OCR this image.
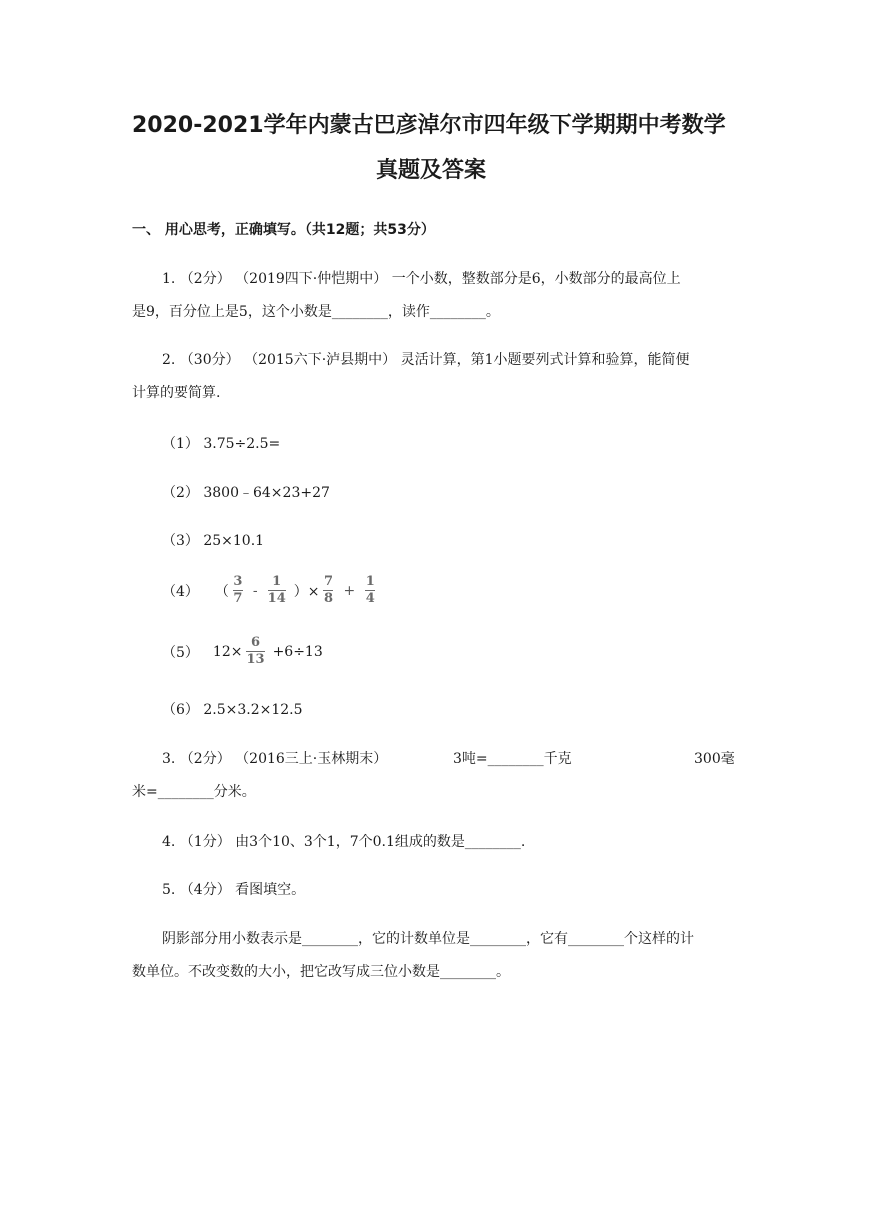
2020-2021学年内蒙古巴彦淖尔市四年级下学期期中考数学
真题及答案
一、 用心思考，正确填写。（共12题；共53分）
1. （2分） （2019四下·仲恺期中） 一个小数，整数部分是6，小数部分的最高位上
是9，百分位上是5，这个小数是________，读作________。
2. （30分） （2015六下·泸县期中） 灵活计算，第1小题要列式计算和验算，能简便
计算的要简算.
（1） 3.75÷2.5=
（2） 3800﹣64×23+27
（3） 25×10.1
（4） （ $\frac{3}{7} - \frac{1}{14}$ ）× $\frac{7}{8} + \frac{1}{4}$
（5） $12\times \frac{6}{13} +6\div 13$
（6） 2.5×3.2×12.5
3. （2分） （2016三上·玉林期末）	3吨=________千克	300毫
米=________分米。
4. （1分） 由3个10、3个1，7个0.1组成的数是________.
5. （4分） 看图填空。
阴影部分用小数表示是________，它的计数单位是________，它有________个这样的计
数单位。不改变数的大小，把它改写成三位小数是________。
